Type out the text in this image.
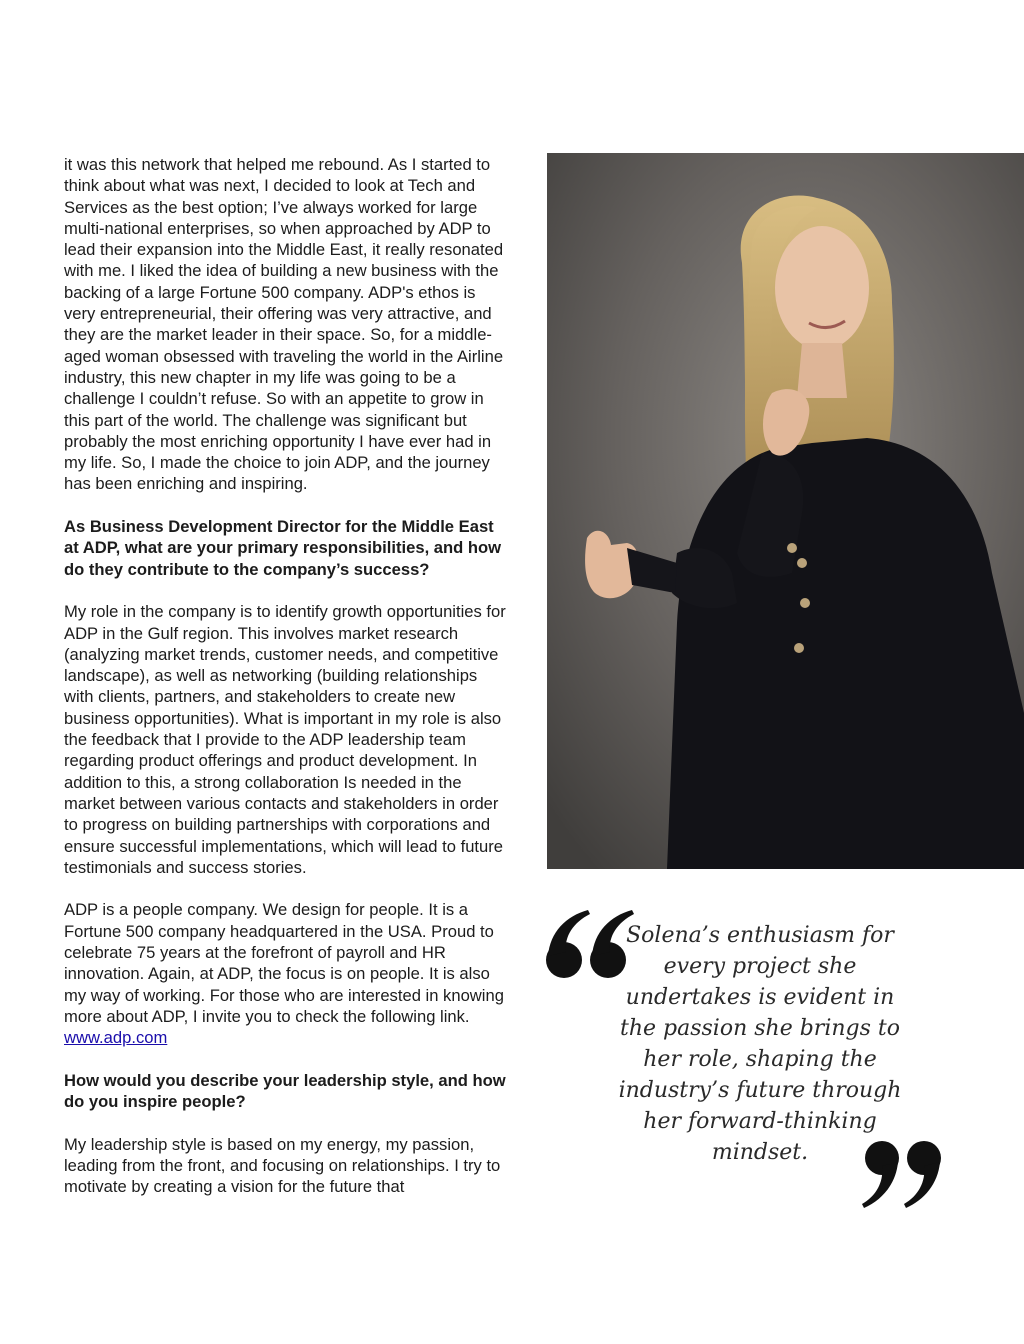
it was this network that helped me rebound. As I started to think about what was next, I decided to look at Tech and Services as the best option; I’ve always worked for large multi-national enterprises, so when approached by ADP to lead their expansion into the Middle East, it really resonated with me. I liked the idea of building a new business with the backing of a large Fortune 500 company. ADP's ethos is very entrepreneurial, their offering was very attractive, and they are the market leader in their space. So, for a middle-aged woman obsessed with traveling the world in the Airline industry, this new chapter in my life was going to be a challenge I couldn’t refuse. So with an appetite to grow in this part of the world. The challenge was significant but probably the most enriching opportunity I have ever had in my life. So, I made the choice to join ADP, and the journey has been enriching and inspiring.

As Business Development Director for the Middle East at ADP, what are your primary responsibilities, and how do they contribute to the company’s success?

My role in the company is to identify growth opportunities for ADP in the Gulf region. This involves market research (analyzing market trends, customer needs, and competitive landscape), as well as networking (building relationships with clients, partners, and stakeholders to create new business opportunities). What is important in my role is also the feedback that I provide to the ADP leadership team regarding product offerings and product development. In addition to this, a strong collaboration Is needed in the market between various contacts and stakeholders in order to progress on building partnerships with corporations and ensure successful implementations, which will lead to future testimonials and success stories.

ADP is a people company. We design for people. It is a Fortune 500 company headquartered in the USA. Proud to celebrate 75 years at the forefront of payroll and HR innovation. Again, at ADP, the focus is on people. It is also my way of working. For those who are interested in knowing more about ADP, I invite you to check the following link. www.adp.com

How would you describe your leadership style, and how do you inspire people?

My leadership style is based on my energy, my passion, leading from the front, and focusing on relationships. I try to motivate by creating a vision for the future that

Solena’s enthusiasm for every project she undertakes is evident in the passion she brings to her role, shaping the industry’s future through her forward-thinking mindset.
